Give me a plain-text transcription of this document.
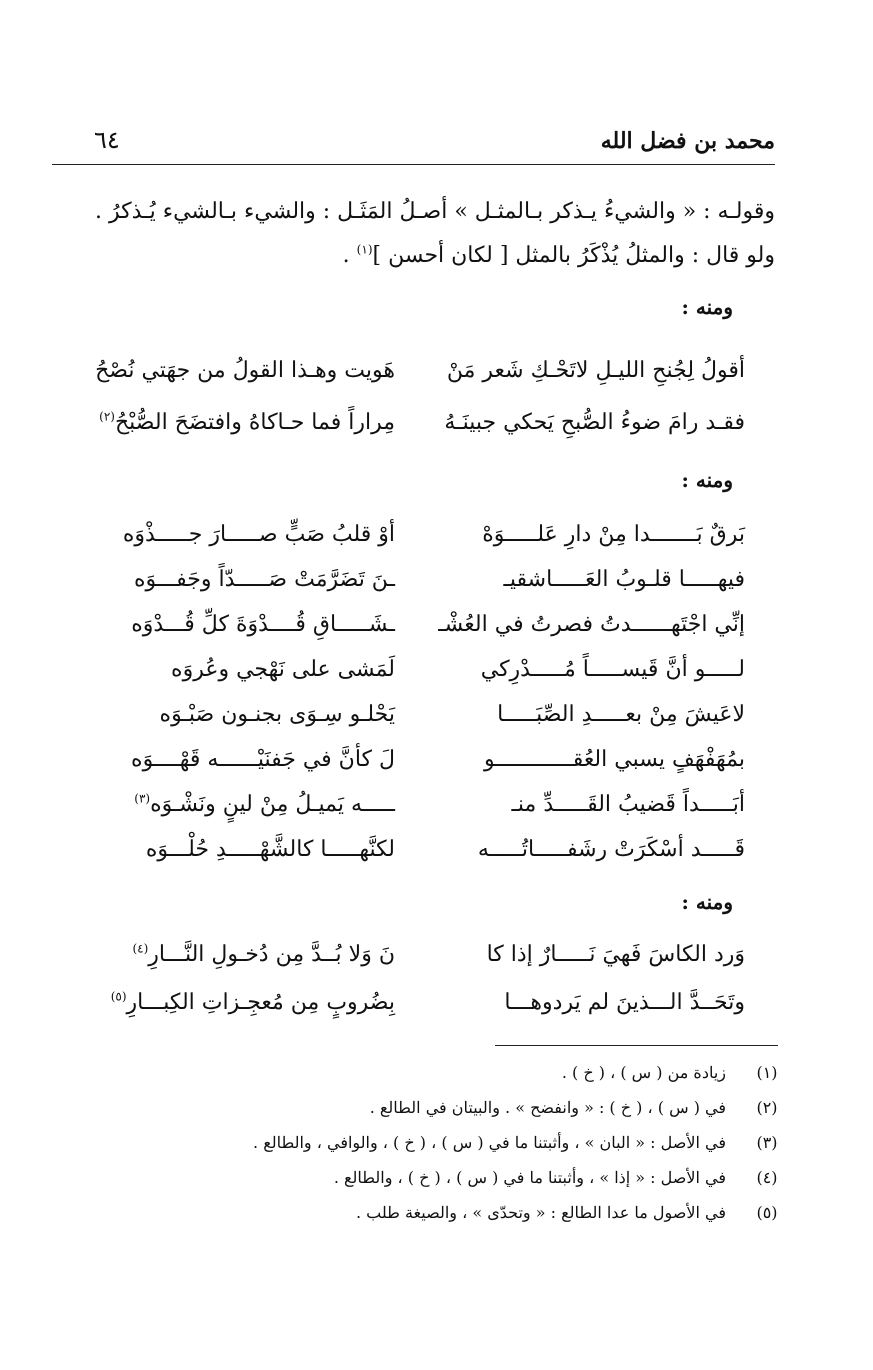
محمد بن فضل الله
٦٤

وقولـه : « والشيءُ يـذكر بـالمثـل » أصـلُ المَثَـل : والشيء بـالشيء يُـذكرُ .

ولو قال : والمثلُ يُذْكَرُ بالمثل [ لكان أحسن ]$^{(١)}$ .

ومنه :
أقولُ لِجُنحِ الليـلِ لاتَحْـكِ شَعر مَنْ
هَويت وهـذا القولُ من جهَتي نُصْحُ
فقـد رامَ ضوءُ الصُّبحِ يَحكي جبينَـهُ
مِراراً فما حـاكاهُ وافتضَحَ الصُّبْحُ$^{(٢)}$
ومنه :
بَرقٌ بَـــــــدا مِنْ دارِ عَلـــــوَهْ
أوْ قلبُ صَبٍّ صـــــارَ جـــــذْوَه
فيهـــــا قلـوبُ العَـــــاشقيـ
ـنَ تَضَرَّمَتْ صَـــــدّاً وجَفـــوَه
إنِّي اجْتَهــــــدتُ فصرتُ في العُشْـ
ـشَـــــاقِ قُــــدْوَةَ كلِّ قُـــدْوَه
لـــــو أنَّ قَيســـــاً مُـــــدْرِكي
لَمَشى على نَهْجي وعُروَه
لاعَيشَ مِنْ بعـــــدِ الصِّبَـــــا
يَحْلـو سِـوَى بجنـون صَبْـوَه
بمُهَفْهَفٍ يسبي العُقــــــــــــو
لَ كأنَّ في جَفنَيْــــــه قَهْــــوَه
أبَـــــداً قَضيبُ القَـــــدِّ منـ
ـــــه يَميـلُ مِنْ لينٍ ونَشْـوَه$^{(٣)}$
قَـــــد أسْكَرَتْ رشَفـــــاتُـــــه
لكنَّهـــــا كالشَّهْـــــدِ حُلْـــوَه
ومنه :
وَرد الكاسَ فَهيَ نَـــــارٌ إذا كا
نَ وَلا بُــدَّ مِن دُخـولِ النَّـــارِ$^{(٤)}$
وتَحَــدَّ الـــذينَ لم يَردوهـــا
بِضُروبٍ مِن مُعجِـزاتِ الكِبـــارِ$^{(٥)}$
(١)
زيادة من ( س ) ، ( خ ) .
(٢)
في ( س ) ، ( خ ) : « وانفضح » . والبيتان في الطالع .
(٣)
في الأصل : « البان » ، وأثبتنا ما في ( س ) ، ( خ ) ، والوافي ، والطالع .
(٤)
في الأصل : « إذا » ، وأثبتنا ما في ( س ) ، ( خ ) ، والطالع .
(٥)
في الأصول ما عدا الطالع : « وتحدّى » ، والصيغة طلب .
